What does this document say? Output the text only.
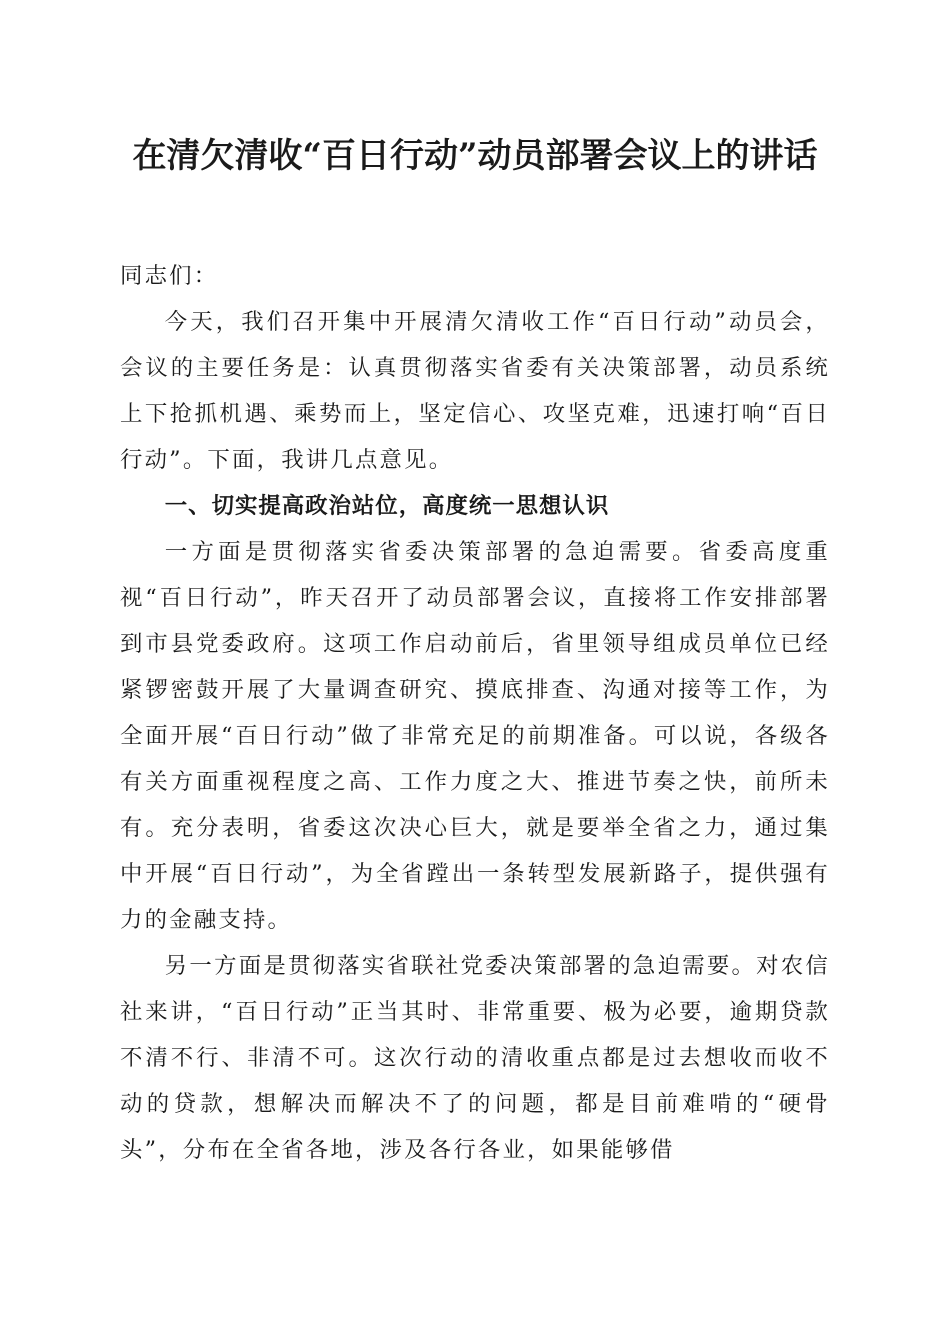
在清欠清收“百日行动”动员部署会议上的讲话

同志们：

今天，我们召开集中开展清欠清收工作“百日行动”动员会，会议的主要任务是：认真贯彻落实省委有关决策部署，动员系统上下抢抓机遇、乘势而上，坚定信心、攻坚克难，迅速打响“百日行动”。下面，我讲几点意见。

一、切实提高政治站位，高度统一思想认识

一方面是贯彻落实省委决策部署的急迫需要。省委高度重视“百日行动”，昨天召开了动员部署会议，直接将工作安排部署到市县党委政府。这项工作启动前后，省里领导组成员单位已经紧锣密鼓开展了大量调查研究、摸底排查、沟通对接等工作，为全面开展“百日行动”做了非常充足的前期准备。可以说，各级各有关方面重视程度之高、工作力度之大、推进节奏之快，前所未有。充分表明，省委这次决心巨大，就是要举全省之力，通过集中开展“百日行动”，为全省蹚出一条转型发展新路子，提供强有力的金融支持。

另一方面是贯彻落实省联社党委决策部署的急迫需要。对农信社来讲，“百日行动”正当其时、非常重要、极为必要，逾期贷款不清不行、非清不可。这次行动的清收重点都是过去想收而收不动的贷款，想解决而解决不了的问题，都是目前难啃的“硬骨头”，分布在全省各地，涉及各行各业，如果能够借
